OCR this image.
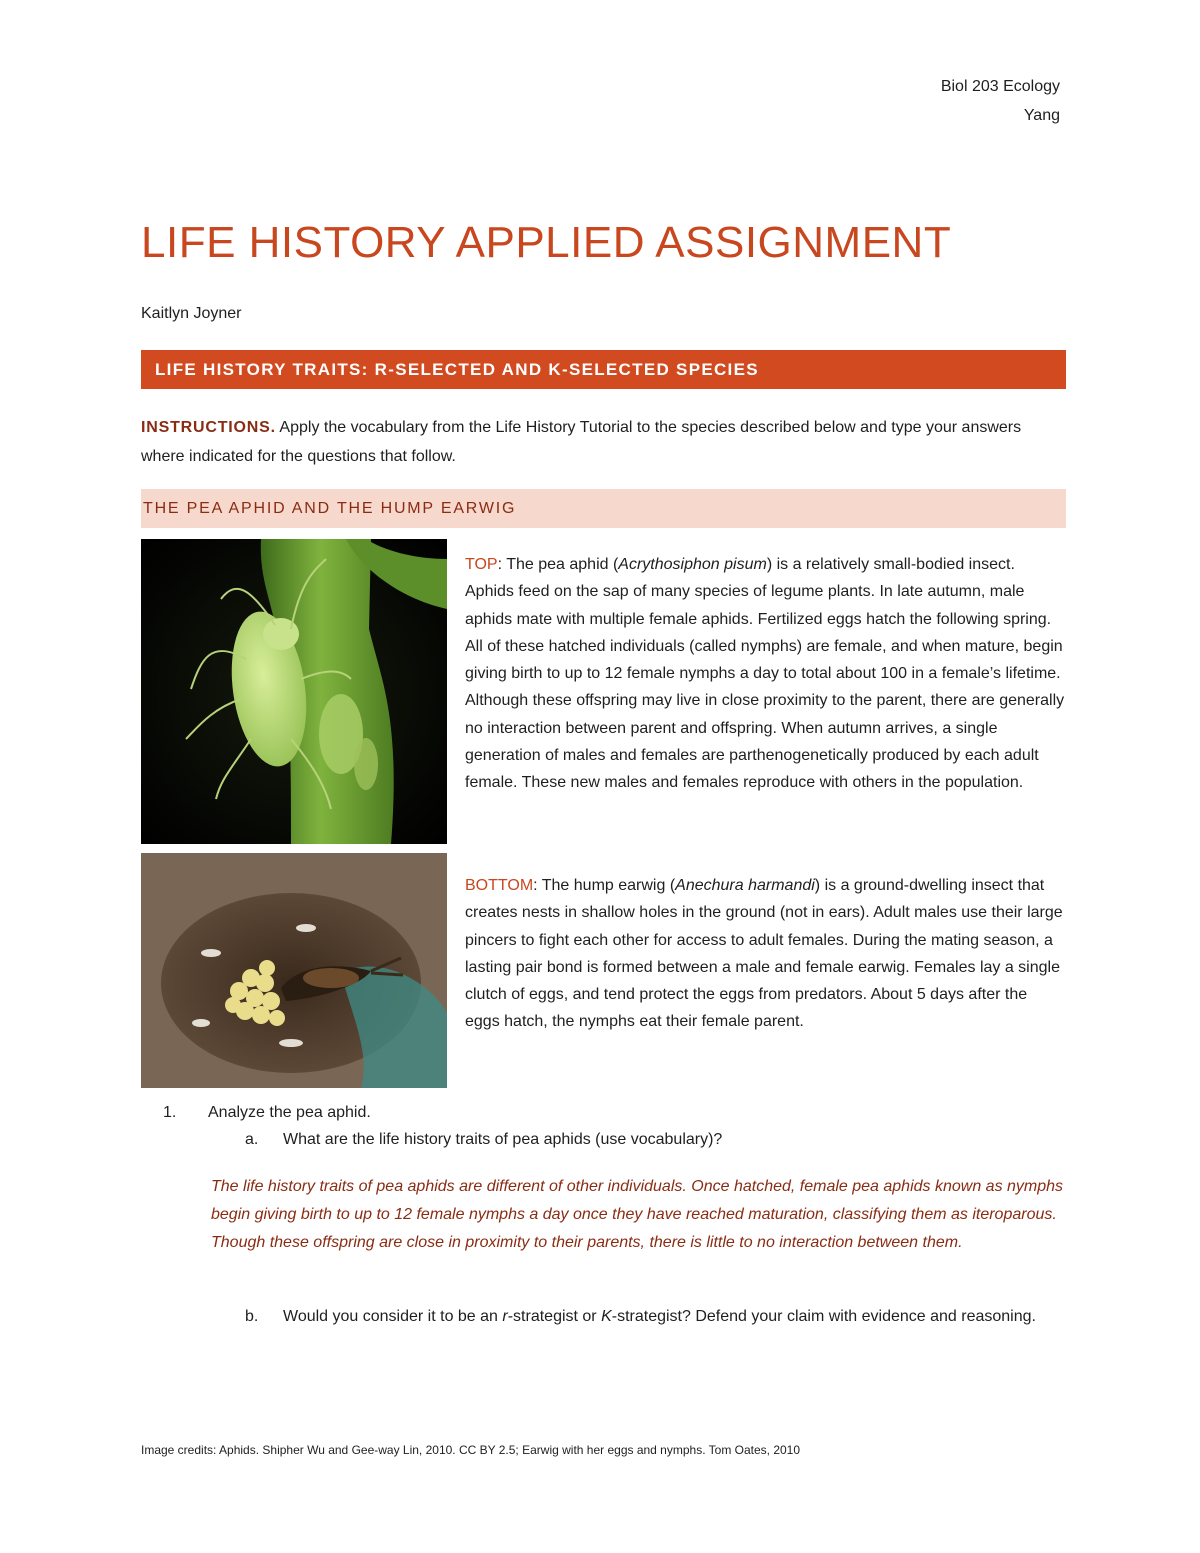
Biol 203 Ecology
Yang
LIFE HISTORY APPLIED ASSIGNMENT
Kaitlyn Joyner
LIFE HISTORY TRAITS: R-SELECTED AND K-SELECTED SPECIES
INSTRUCTIONS. Apply the vocabulary from the Life History Tutorial to the species described below and type your answers where indicated for the questions that follow.
THE PEA APHID AND THE HUMP EARWIG
TOP: The pea aphid (Acrythosiphon pisum) is a relatively small-bodied insect. Aphids feed on the sap of many species of legume plants. In late autumn, male aphids mate with multiple female aphids. Fertilized eggs hatch the following spring. All of these hatched individuals (called nymphs) are female, and when mature, begin giving birth to up to 12 female nymphs a day to total about 100 in a female’s lifetime. Although these offspring may live in close proximity to the parent, there are generally no interaction between parent and offspring. When autumn arrives, a single generation of males and females are parthenogenetically produced by each adult female. These new males and females reproduce with others in the population.
BOTTOM: The hump earwig (Anechura harmandi) is a ground-dwelling insect that creates nests in shallow holes in the ground (not in ears). Adult males use their large pincers to fight each other for access to adult females. During the mating season, a lasting pair bond is formed between a male and female earwig. Females lay a single clutch of eggs, and tend protect the eggs from predators. About 5 days after the eggs hatch, the nymphs eat their female parent.
1. Analyze the pea aphid.
a. What are the life history traits of pea aphids (use vocabulary)?
The life history traits of pea aphids are different of other individuals. Once hatched, female pea aphids known as nymphs begin giving birth to up to 12 female nymphs a day once they have reached maturation, classifying them as iteroparous. Though these offspring are close in proximity to their parents, there is little to no interaction between them.
b. Would you consider it to be an r-strategist or K-strategist? Defend your claim with evidence and reasoning.
Image credits: Aphids. Shipher Wu and Gee-way Lin, 2010. CC BY 2.5; Earwig with her eggs and nymphs. Tom Oates, 2010
